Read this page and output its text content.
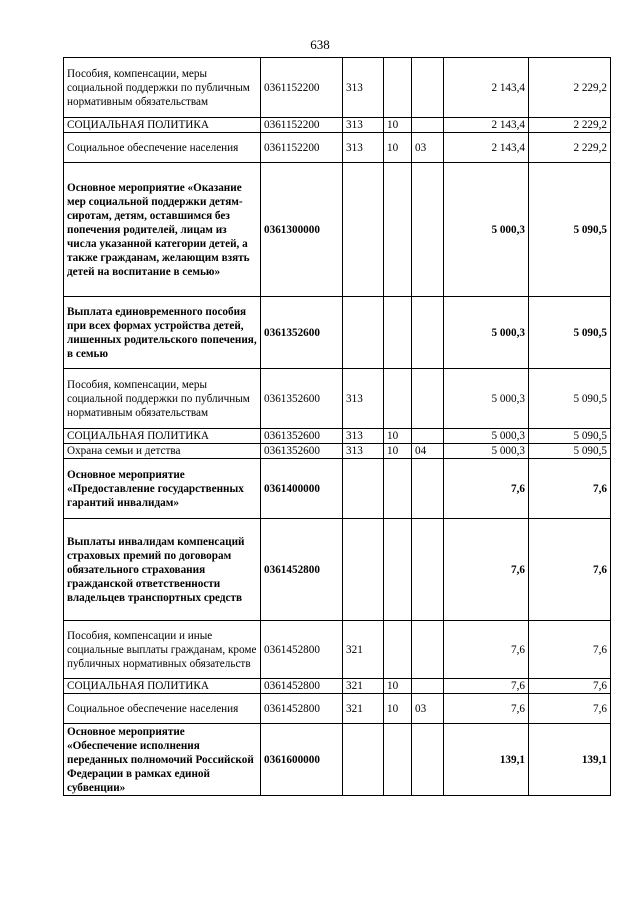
638
Пособия, компенсации, меры социальной поддержки по публичным нормативным обязательствам	0361152200	313			2 143,4	2 229,2
СОЦИАЛЬНАЯ ПОЛИТИКА	0361152200	313	10		2 143,4	2 229,2
Социальное обеспечение населения	0361152200	313	10	03	2 143,4	2 229,2
Основное мероприятие «Оказание мер социальной поддержки детям-сиротам, детям, оставшимся без попечения родителей, лицам из числа указанной категории детей, а также гражданам, желающим взять детей на воспитание в семью»	0361300000				5 000,3	5 090,5
Выплата единовременного пособия при всех формах устройства детей, лишенных родительского попечения, в семью	0361352600				5 000,3	5 090,5
Пособия, компенсации, меры социальной поддержки по публичным нормативным обязательствам	0361352600	313			5 000,3	5 090,5
СОЦИАЛЬНАЯ ПОЛИТИКА	0361352600	313	10		5 000,3	5 090,5
Охрана семьи и детства	0361352600	313	10	04	5 000,3	5 090,5
Основное мероприятие «Предоставление государственных гарантий инвалидам»	0361400000				7,6	7,6
Выплаты инвалидам компенсаций страховых премий по договорам обязательного страхования гражданской ответственности владельцев транспортных средств	0361452800				7,6	7,6
Пособия, компенсации и иные социальные выплаты гражданам, кроме публичных нормативных обязательств	0361452800	321			7,6	7,6
СОЦИАЛЬНАЯ ПОЛИТИКА	0361452800	321	10		7,6	7,6
Социальное обеспечение населения	0361452800	321	10	03	7,6	7,6
Основное мероприятие «Обеспечение исполнения переданных полномочий Российской Федерации в рамках единой субвенции»	0361600000				139,1	139,1
